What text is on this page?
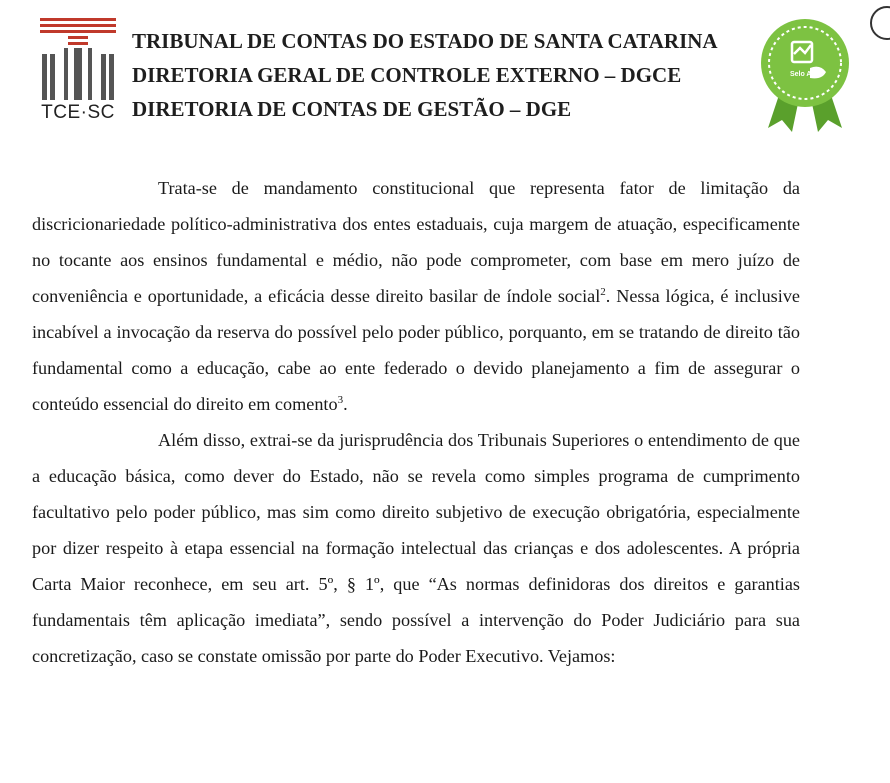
TCE·SC
TRIBUNAL DE CONTAS DO ESTADO DE SANTA CATARINA
DIRETORIA GERAL DE CONTROLE EXTERNO – DGCE
DIRETORIA DE CONTAS DE GESTÃO – DGE
Selo A3P

Trata-se de mandamento constitucional que representa fator de limitação da discricionariedade político-administrativa dos entes estaduais, cuja margem de atuação, especificamente no tocante aos ensinos fundamental e médio, não pode comprometer, com base em mero juízo de conveniência e oportunidade, a eficácia desse direito basilar de índole social$^2$. Nessa lógica, é inclusive incabível a invocação da reserva do possível pelo poder público, porquanto, em se tratando de direito tão fundamental como a educação, cabe ao ente federado o devido planejamento a fim de assegurar o conteúdo essencial do direito em comento$^3$.

Além disso, extrai-se da jurisprudência dos Tribunais Superiores o entendimento de que a educação básica, como dever do Estado, não se revela como simples programa de cumprimento facultativo pelo poder público, mas sim como direito subjetivo de execução obrigatória, especialmente por dizer respeito à etapa essencial na formação intelectual das crianças e dos adolescentes. A própria Carta Maior reconhece, em seu art. 5º, § 1º, que “As normas definidoras dos direitos e garantias fundamentais têm aplicação imediata”, sendo possível a intervenção do Poder Judiciário para sua concretização, caso se constate omissão por parte do Poder Executivo. Vejamos:
